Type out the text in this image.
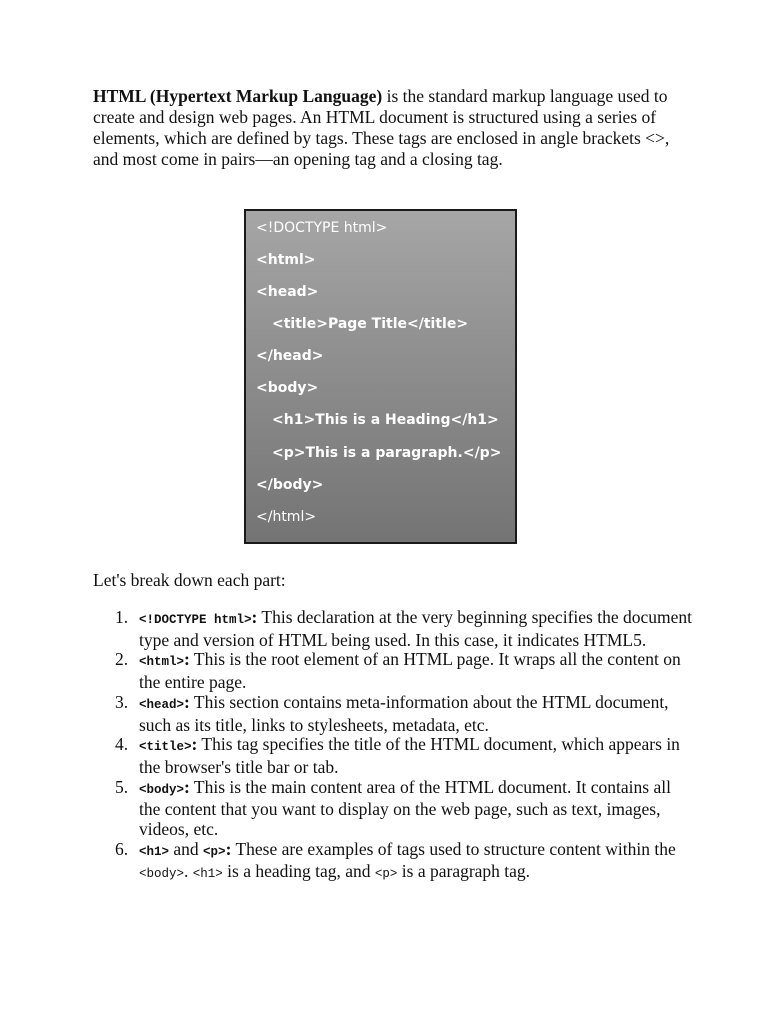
HTML (Hypertext Markup Language) is the standard markup language used to create and design web pages. An HTML document is structured using a series of elements, which are defined by tags. These tags are enclosed in angle brackets <>, and most come in pairs—an opening tag and a closing tag.

<!DOCTYPE html>
<html>
<head>
<title>Page Title</title>
</head>
<body>
<h1>This is a Heading</h1>
<p>This is a paragraph.</p>
</body>
</html>

Let's break down each part:

1. <!DOCTYPE html>: This declaration at the very beginning specifies the document type and version of HTML being used. In this case, it indicates HTML5.
2. <html>: This is the root element of an HTML page. It wraps all the content on the entire page.
3. <head>: This section contains meta-information about the HTML document, such as its title, links to stylesheets, metadata, etc.
4. <title>: This tag specifies the title of the HTML document, which appears in the browser's title bar or tab.
5. <body>: This is the main content area of the HTML document. It contains all the content that you want to display on the web page, such as text, images, videos, etc.
6. <h1> and <p>: These are examples of tags used to structure content within the <body>. <h1> is a heading tag, and <p> is a paragraph tag.
